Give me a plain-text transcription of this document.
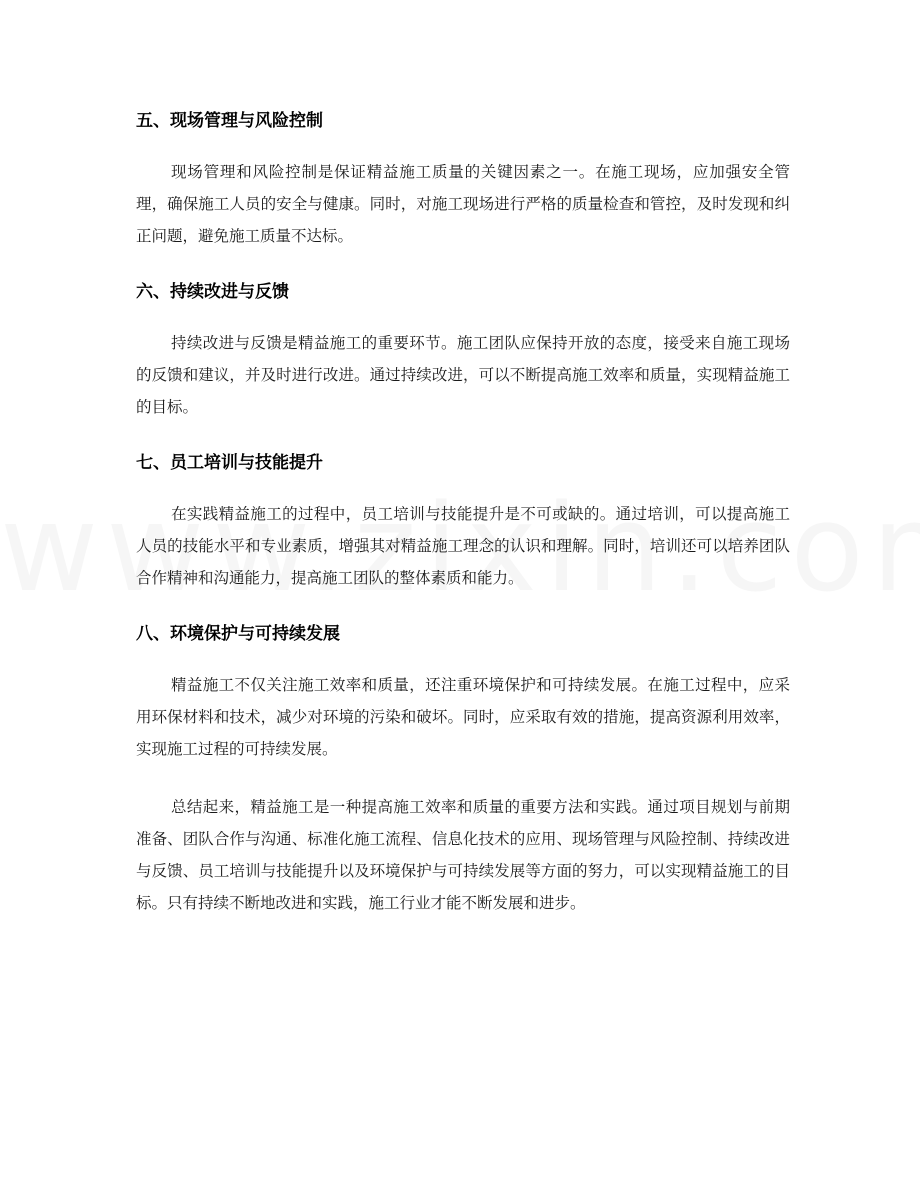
五、现场管理与风险控制

现场管理和风险控制是保证精益施工质量的关键因素之一。在施工现场，应加强安全管理，确保施工人员的安全与健康。同时，对施工现场进行严格的质量检查和管控，及时发现和纠正问题，避免施工质量不达标。

六、持续改进与反馈

持续改进与反馈是精益施工的重要环节。施工团队应保持开放的态度，接受来自施工现场的反馈和建议，并及时进行改进。通过持续改进，可以不断提高施工效率和质量，实现精益施工的目标。

七、员工培训与技能提升

在实践精益施工的过程中，员工培训与技能提升是不可或缺的。通过培训，可以提高施工人员的技能水平和专业素质，增强其对精益施工理念的认识和理解。同时，培训还可以培养团队合作精神和沟通能力，提高施工团队的整体素质和能力。

八、环境保护与可持续发展

精益施工不仅关注施工效率和质量，还注重环境保护和可持续发展。在施工过程中，应采用环保材料和技术，减少对环境的污染和破坏。同时，应采取有效的措施，提高资源利用效率，实现施工过程的可持续发展。

总结起来，精益施工是一种提高施工效率和质量的重要方法和实践。通过项目规划与前期准备、团队合作与沟通、标准化施工流程、信息化技术的应用、现场管理与风险控制、持续改进与反馈、员工培训与技能提升以及环境保护与可持续发展等方面的努力，可以实现精益施工的目标。只有持续不断地改进和实践，施工行业才能不断发展和进步。
